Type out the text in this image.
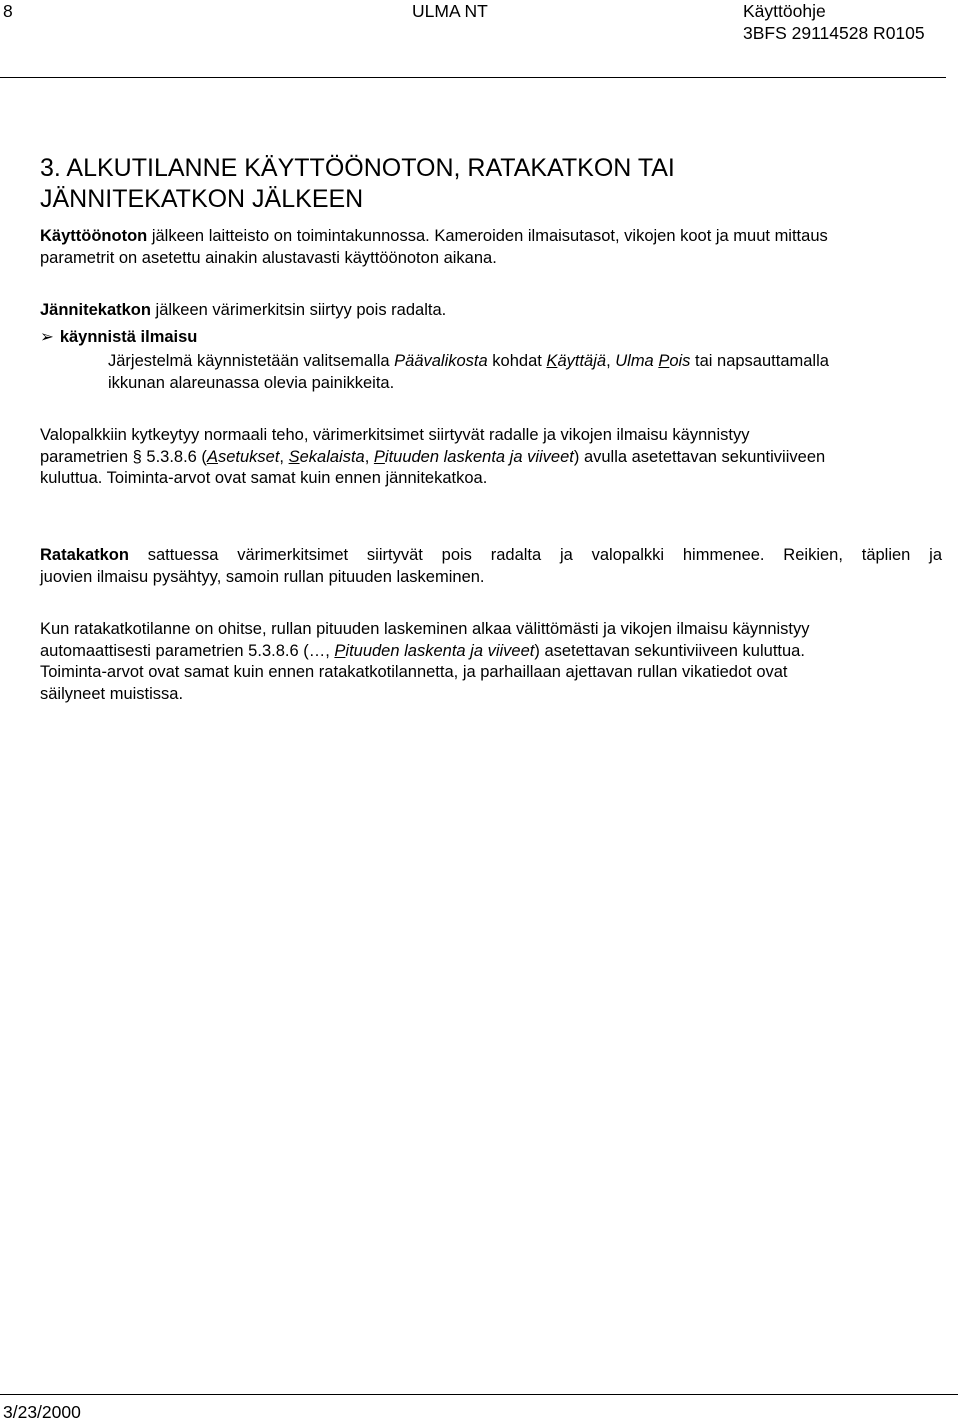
8	ULMA NT	Käyttöohje
3BFS 29114528 R0105
3. ALKUTILANNE KÄYTTÖÖNOTON, RATAKATKON TAI
JÄNNITEKATKON JÄLKEEN

Käyttöönoton jälkeen laitteisto on toimintakunnossa. Kameroiden ilmaisutasot, vikojen koot ja muut mittaus
parametrit on asetettu ainakin alustavasti käyttöönoton aikana.

Jännitekatkon jälkeen värimerkitsin siirtyy pois radalta.

➢ käynnistä ilmaisu

Järjestelmä käynnistetään valitsemalla Päävalikosta kohdat Käyttäjä, Ulma Pois tai napsauttamalla
ikkunan alareunassa olevia painikkeita.

Valopalkkiin kytkeytyy normaali teho, värimerkitsimet siirtyvät radalle ja vikojen ilmaisu käynnistyy
parametrien § 5.3.8.6 (Asetukset, Sekalaista, Pituuden laskenta ja viiveet) avulla asetettavan sekuntiviiveen
kuluttua. Toiminta-arvot ovat samat kuin ennen jännitekatkoa.

Ratakatkon sattuessa värimerkitsimet siirtyvät pois radalta ja valopalkki himmenee. Reikien, täplien ja
juovien ilmaisu pysähtyy, samoin rullan pituuden laskeminen.

Kun ratakatkotilanne on ohitse, rullan pituuden laskeminen alkaa välittömästi ja vikojen ilmaisu käynnistyy
automaattisesti parametrien 5.3.8.6 (…, Pituuden laskenta ja viiveet) asetettavan sekuntiviiveen kuluttua.
Toiminta-arvot ovat samat kuin ennen ratakatkotilannetta, ja parhaillaan ajettavan rullan vikatiedot ovat
säilyneet muistissa.

3/23/2000
